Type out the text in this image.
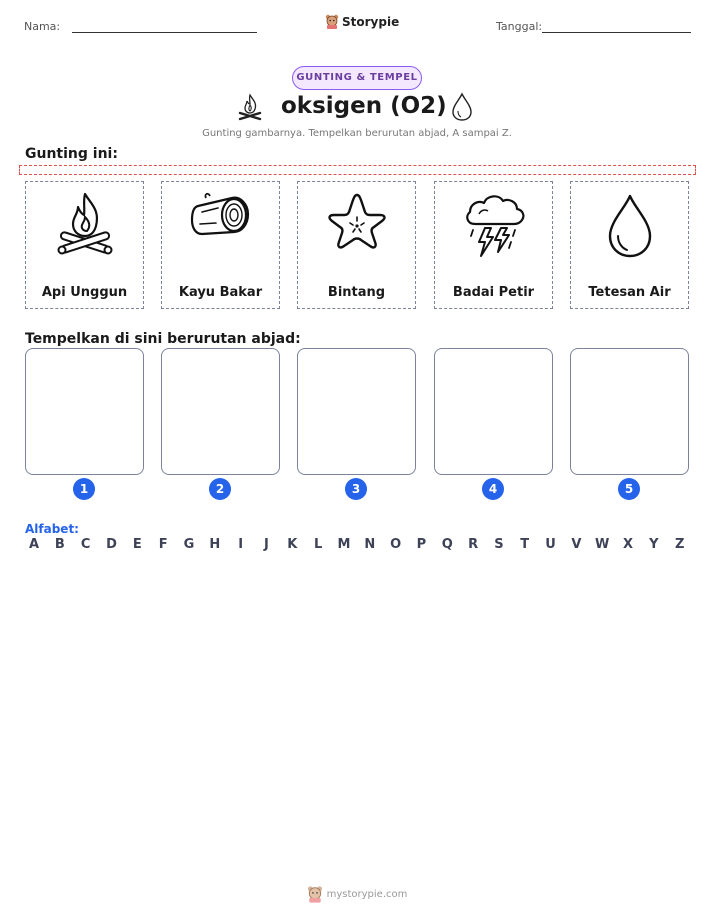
Nama:	Storypie	Tanggal:
GUNTING & TEMPEL
oksigen (O2)
Gunting gambarnya. Tempelkan berurutan abjad, A sampai Z.
Gunting ini:
Api Unggun	Kayu Bakar	Bintang	Badai Petir	Tetesan Air
Tempelkan di sini berurutan abjad:
1	2	3	4	5
Alfabet:
A	B	C	D	E	F	G H	I	J	K	L	M N O	P	Q	R	S	T	U	V	W	X	Y	Z
mystorypie.com
